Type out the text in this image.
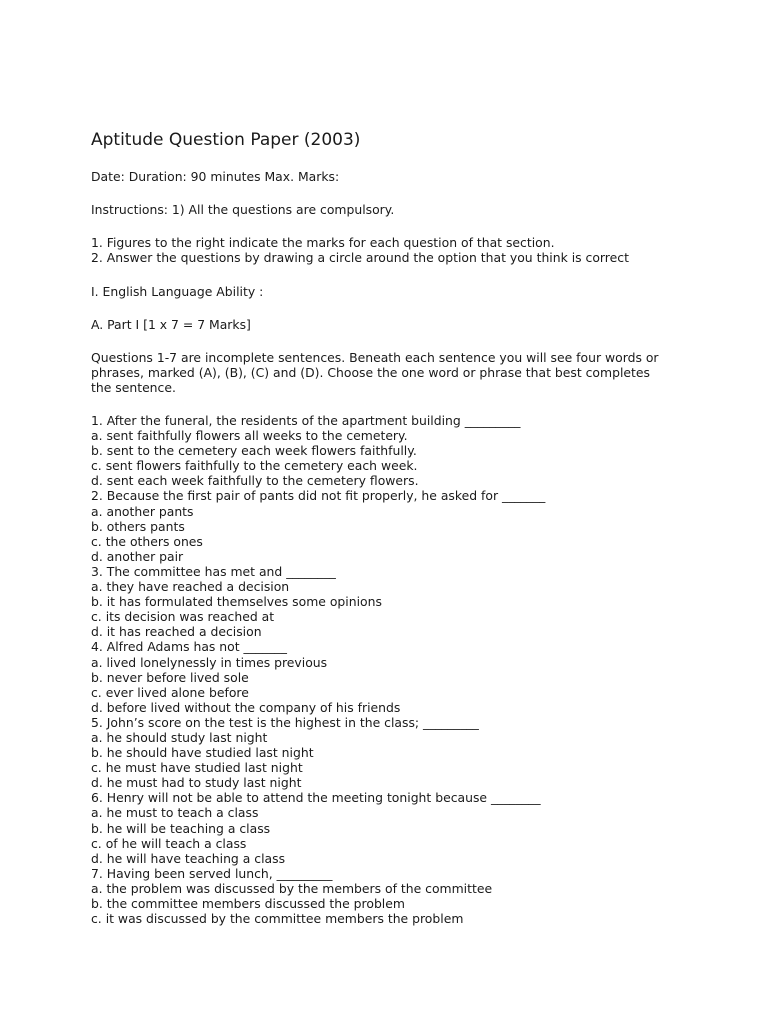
Aptitude Question Paper (2003)
Date: Duration: 90 minutes Max. Marks:
Instructions: 1) All the questions are compulsory.
1. Figures to the right indicate the marks for each question of that section.
2. Answer the questions by drawing a circle around the option that you think is correct
I. English Language Ability :
A. Part I [1 x 7 = 7 Marks]
Questions 1-7 are incomplete sentences. Beneath each sentence you will see four words or
phrases, marked (A), (B), (C) and (D). Choose the one word or phrase that best completes
the sentence.
1. After the funeral, the residents of the apartment building _________
a. sent faithfully flowers all weeks to the cemetery.
b. sent to the cemetery each week flowers faithfully.
c. sent flowers faithfully to the cemetery each week.
d. sent each week faithfully to the cemetery flowers.
2. Because the first pair of pants did not fit properly, he asked for _______
a. another pants
b. others pants
c. the others ones
d. another pair
3. The committee has met and ________
a. they have reached a decision
b. it has formulated themselves some opinions
c. its decision was reached at
d. it has reached a decision
4. Alfred Adams has not _______
a. lived lonelynessly in times previous
b. never before lived sole
c. ever lived alone before
d. before lived without the company of his friends
5. John’s score on the test is the highest in the class; _________
a. he should study last night
b. he should have studied last night
c. he must have studied last night
d. he must had to study last night
6. Henry will not be able to attend the meeting tonight because ________
a. he must to teach a class
b. he will be teaching a class
c. of he will teach a class
d. he will have teaching a class
7. Having been served lunch, _________
a. the problem was discussed by the members of the committee
b. the committee members discussed the problem
c. it was discussed by the committee members the problem
